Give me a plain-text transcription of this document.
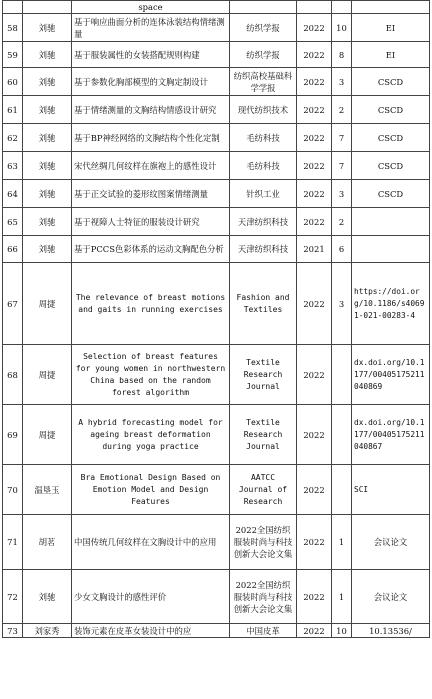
		space				
58	刘驰	基于响应曲面分析的连体泳装结构情绪测量	纺织学报	2022	10	EI
59	刘驰	基于服装属性的女装搭配规则构建	纺织学报	2022	8	EI
60	刘驰	基于参数化胸部模型的文胸定制设计	纺织高校基础科学学报	2022	3	CSCD
61	刘驰	基于情绪测量的文胸结构情感设计研究	现代纺织技术	2022	2	CSCD
62	刘驰	基于BP神经网络的文胸结构个性化定制	毛纺科技	2022	7	CSCD
63	刘驰	宋代丝绸几何纹样在旗袍上的感性设计	毛纺科技	2022	7	CSCD
64	刘驰	基于正交试验的菱形纹图案情绪测量	针织工业	2022	3	CSCD
65	刘驰	基于视障人士特征的服装设计研究	天津纺织科技	2022	2	
66	刘驰	基于PCCS色彩体系的运动文胸配色分析	天津纺织科技	2021	6	
67	周捷	The relevance of breast motions and gaits in running exercises	Fashion and Textiles	2022	3	https://doi.org/10.1186/s40691-021-00283-4
68	周捷	Selection of breast features for young women in northwestern China based on the random forest algorithm	Textile Research Journal	2022		dx.doi.org/10.1177/00405175211040869
69	周捷	A hybrid forecasting model for ageing breast deformation during yoga practice	Textile Research Journal	2022		dx.doi.org/10.1177/00405175211040867
70	温垦玉	Bra Emotional Design Based on Emotion Model and Design Features	AATCC Journal of Research	2022		SCI
71	胡茗	中国传统几何纹样在文胸设计中的应用	2022全国纺织服装时尚与科技创新大会论文集	2022	1	会议论文
72	刘驰	少女文胸设计的感性评价	2022全国纺织服装时尚与科技创新大会论文集	2022	1	会议论文
73	刘家秀	装饰元素在皮革女装设计中的应	中国皮革	2022	10	10.13536/
